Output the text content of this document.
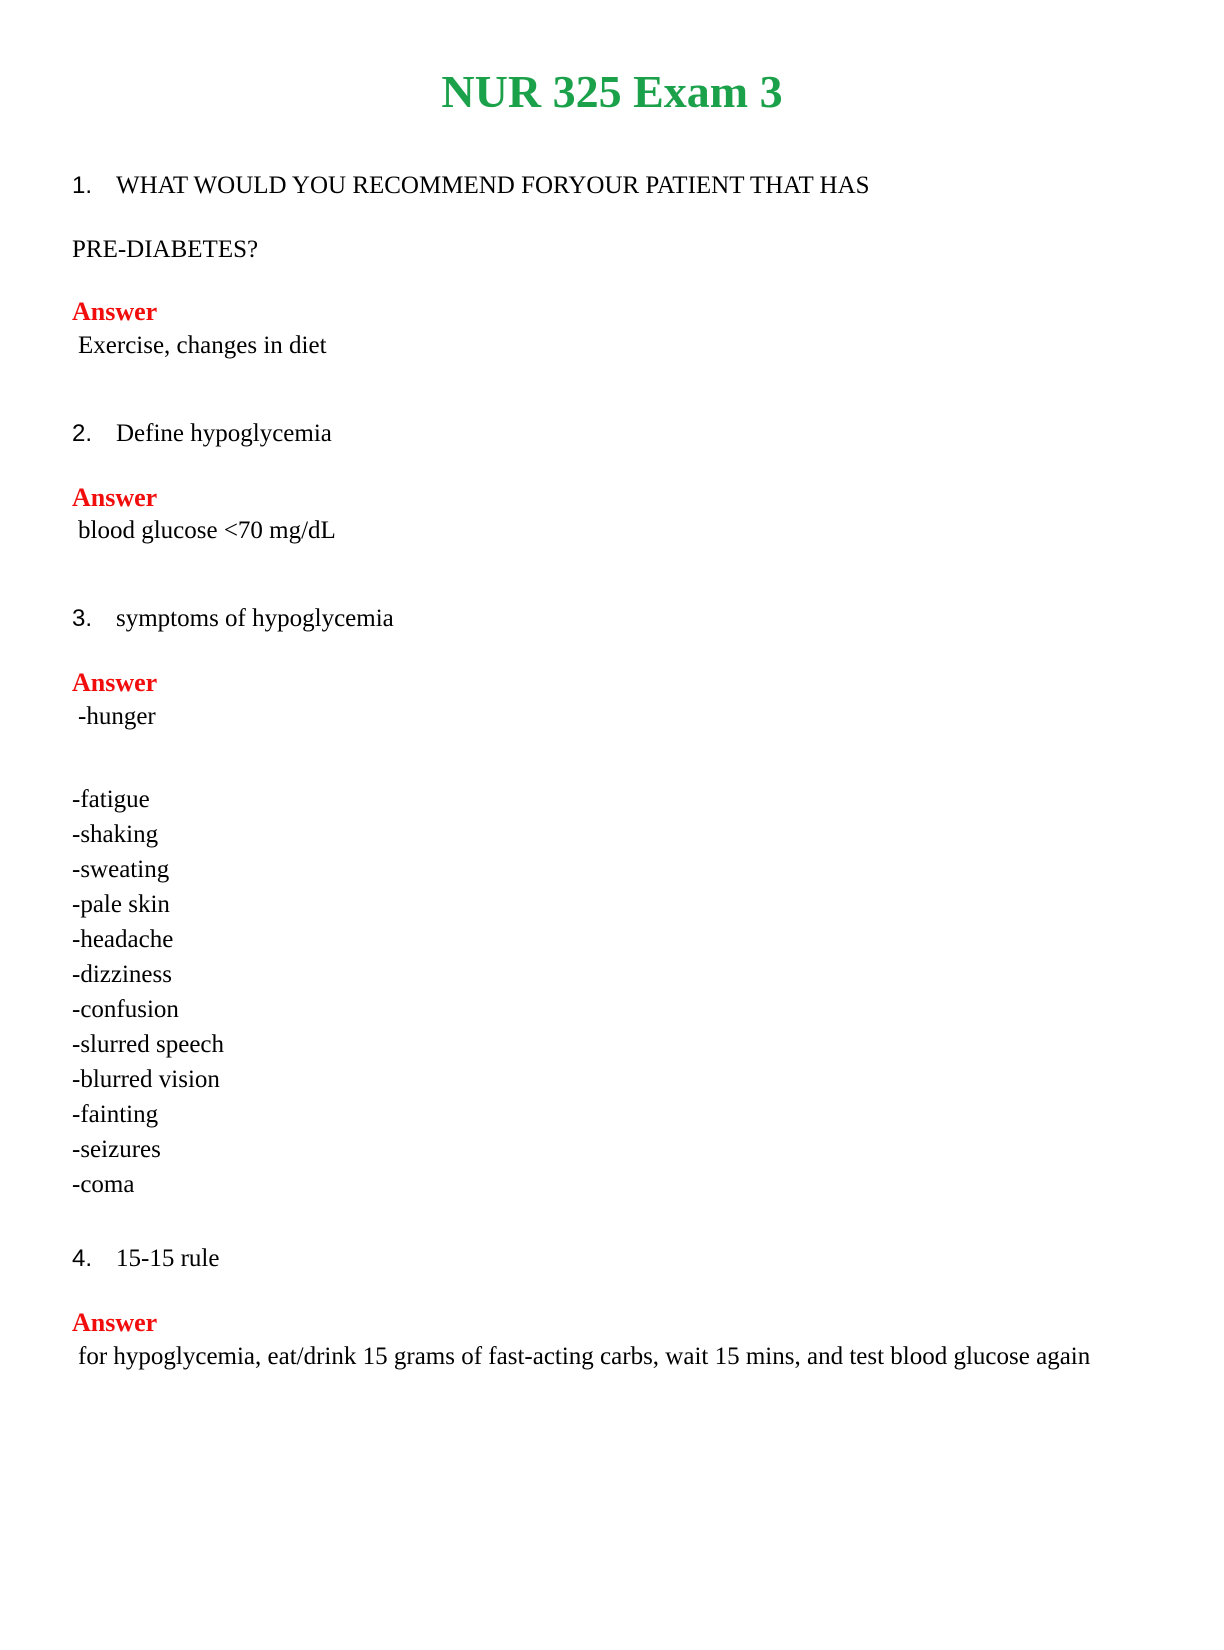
NUR 325 Exam 3
1. WHAT WOULD YOU RECOMMEND FORYOUR PATIENT THAT HAS
PRE-DIABETES?
Answer
Exercise, changes in diet
2. Define hypoglycemia
Answer
blood glucose <70 mg/dL
3. symptoms of hypoglycemia
Answer
-hunger
-fatigue
-shaking
-sweating
-pale skin
-headache
-dizziness
-confusion
-slurred speech
-blurred vision
-fainting
-seizures
-coma
4. 15-15 rule
Answer
for hypoglycemia, eat/drink 15 grams of fast-acting carbs, wait 15 mins, and test blood glucose again
